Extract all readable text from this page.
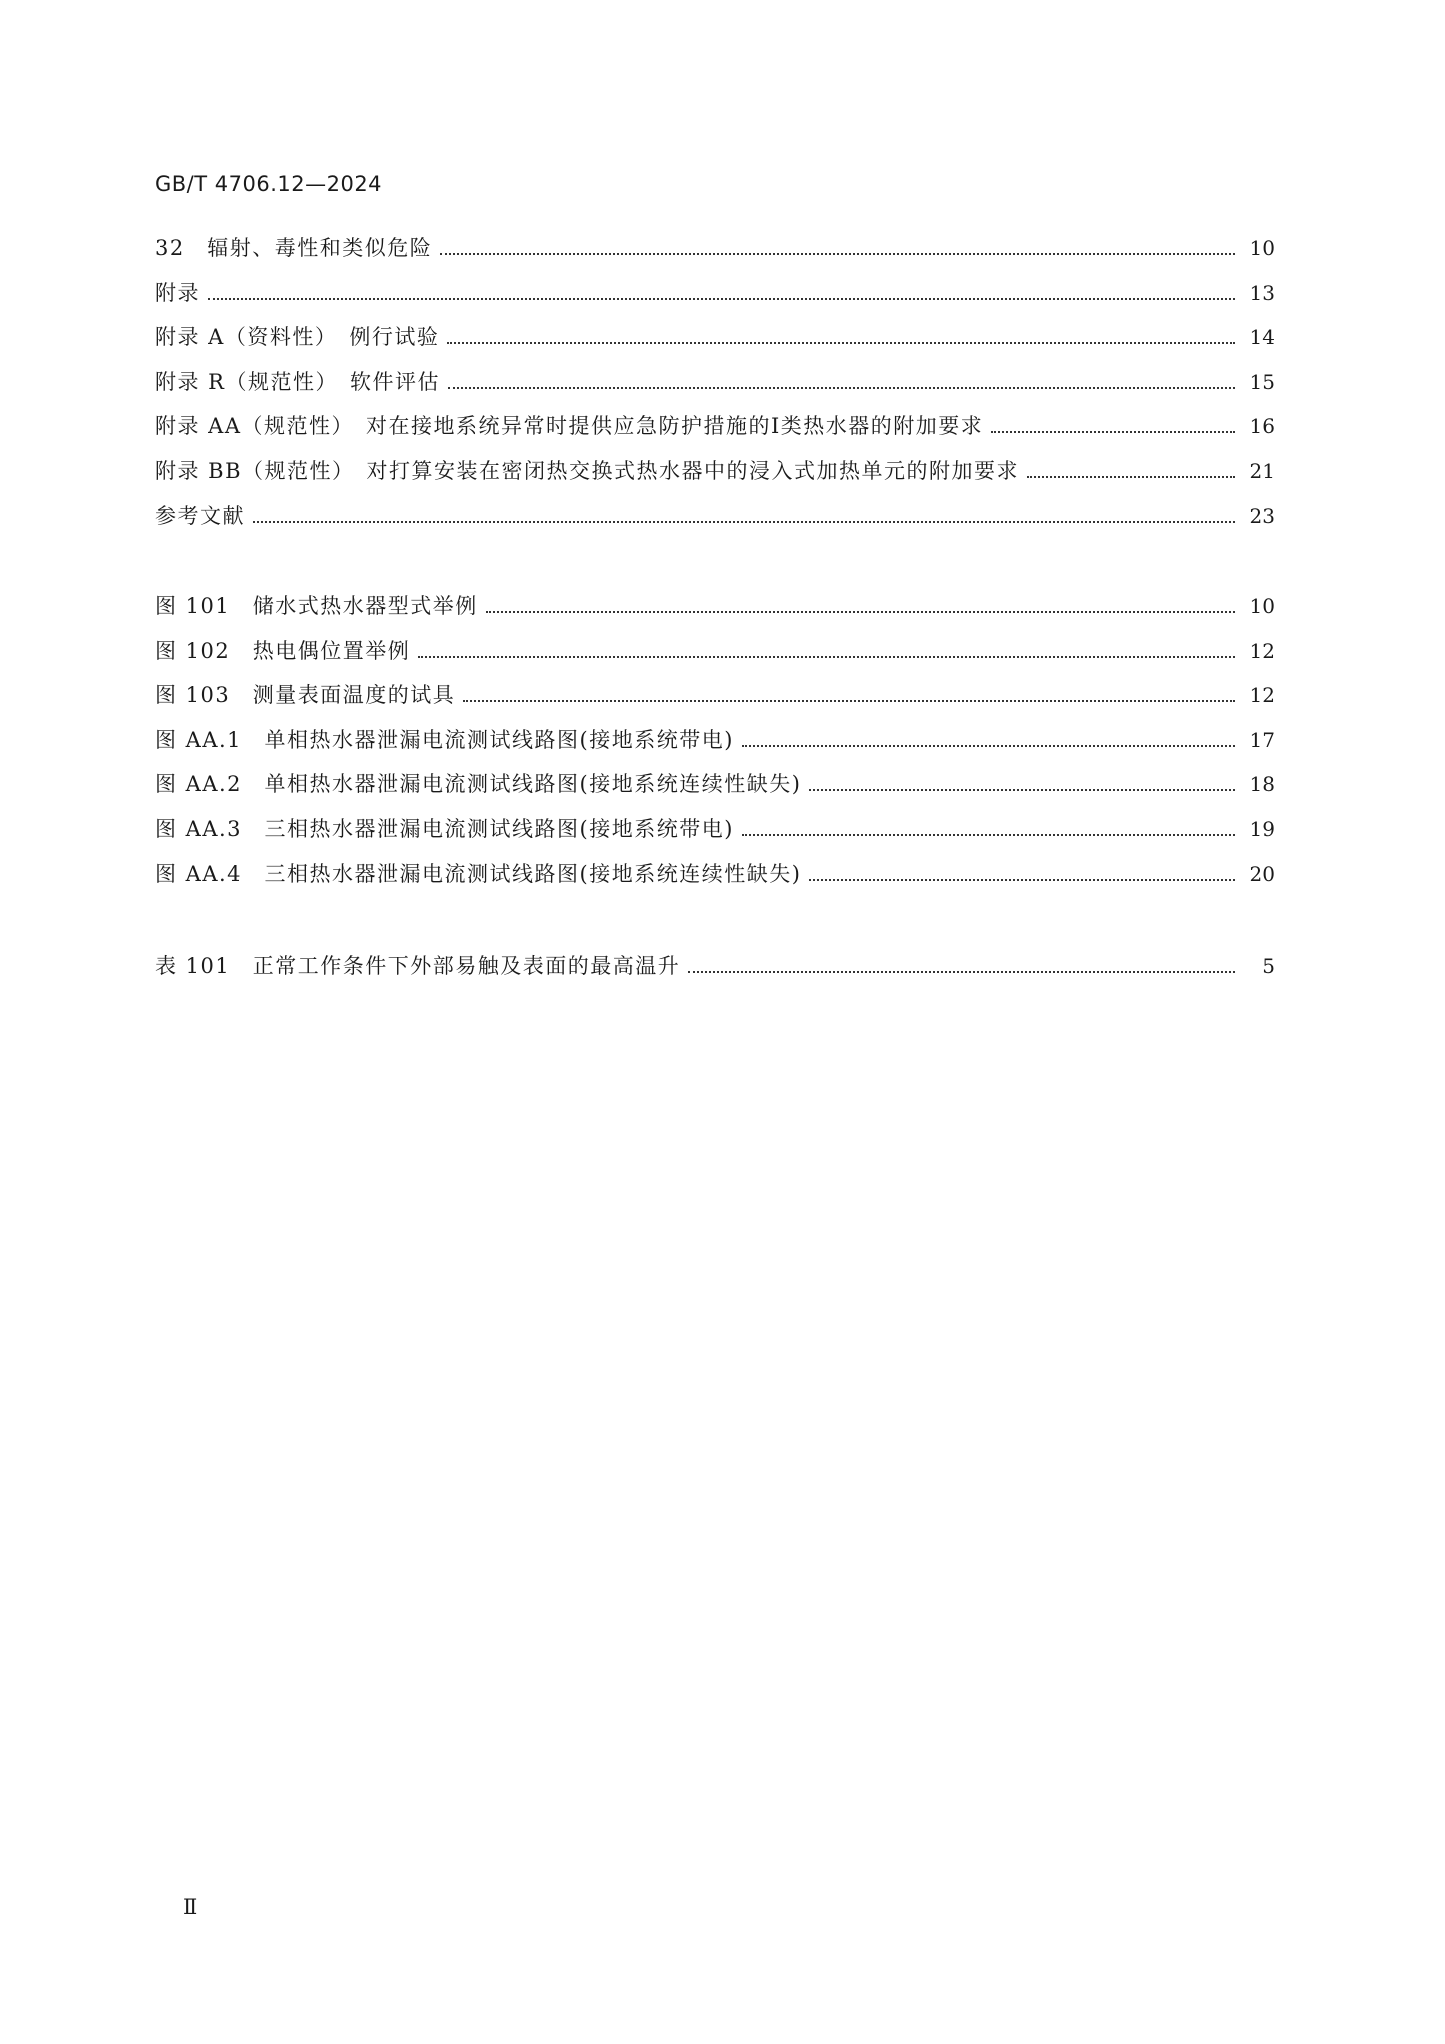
GB/T 4706.12—2024
32　辐射、毒性和类似危险	10
附录	13
附录 A（资料性）　例行试验	14
附录 R（规范性）　软件评估	15
附录 AA（规范性）　对在接地系统异常时提供应急防护措施的Ⅰ类热水器的附加要求	16
附录 BB（规范性）　对打算安装在密闭热交换式热水器中的浸入式加热单元的附加要求	21
参考文献	23
图 101　储水式热水器型式举例	10
图 102　热电偶位置举例	12
图 103　测量表面温度的试具	12
图 AA.1　单相热水器泄漏电流测试线路图(接地系统带电)	17
图 AA.2　单相热水器泄漏电流测试线路图(接地系统连续性缺失)	18
图 AA.3　三相热水器泄漏电流测试线路图(接地系统带电)	19
图 AA.4　三相热水器泄漏电流测试线路图(接地系统连续性缺失)	20
表 101　正常工作条件下外部易触及表面的最高温升	5
Ⅱ
